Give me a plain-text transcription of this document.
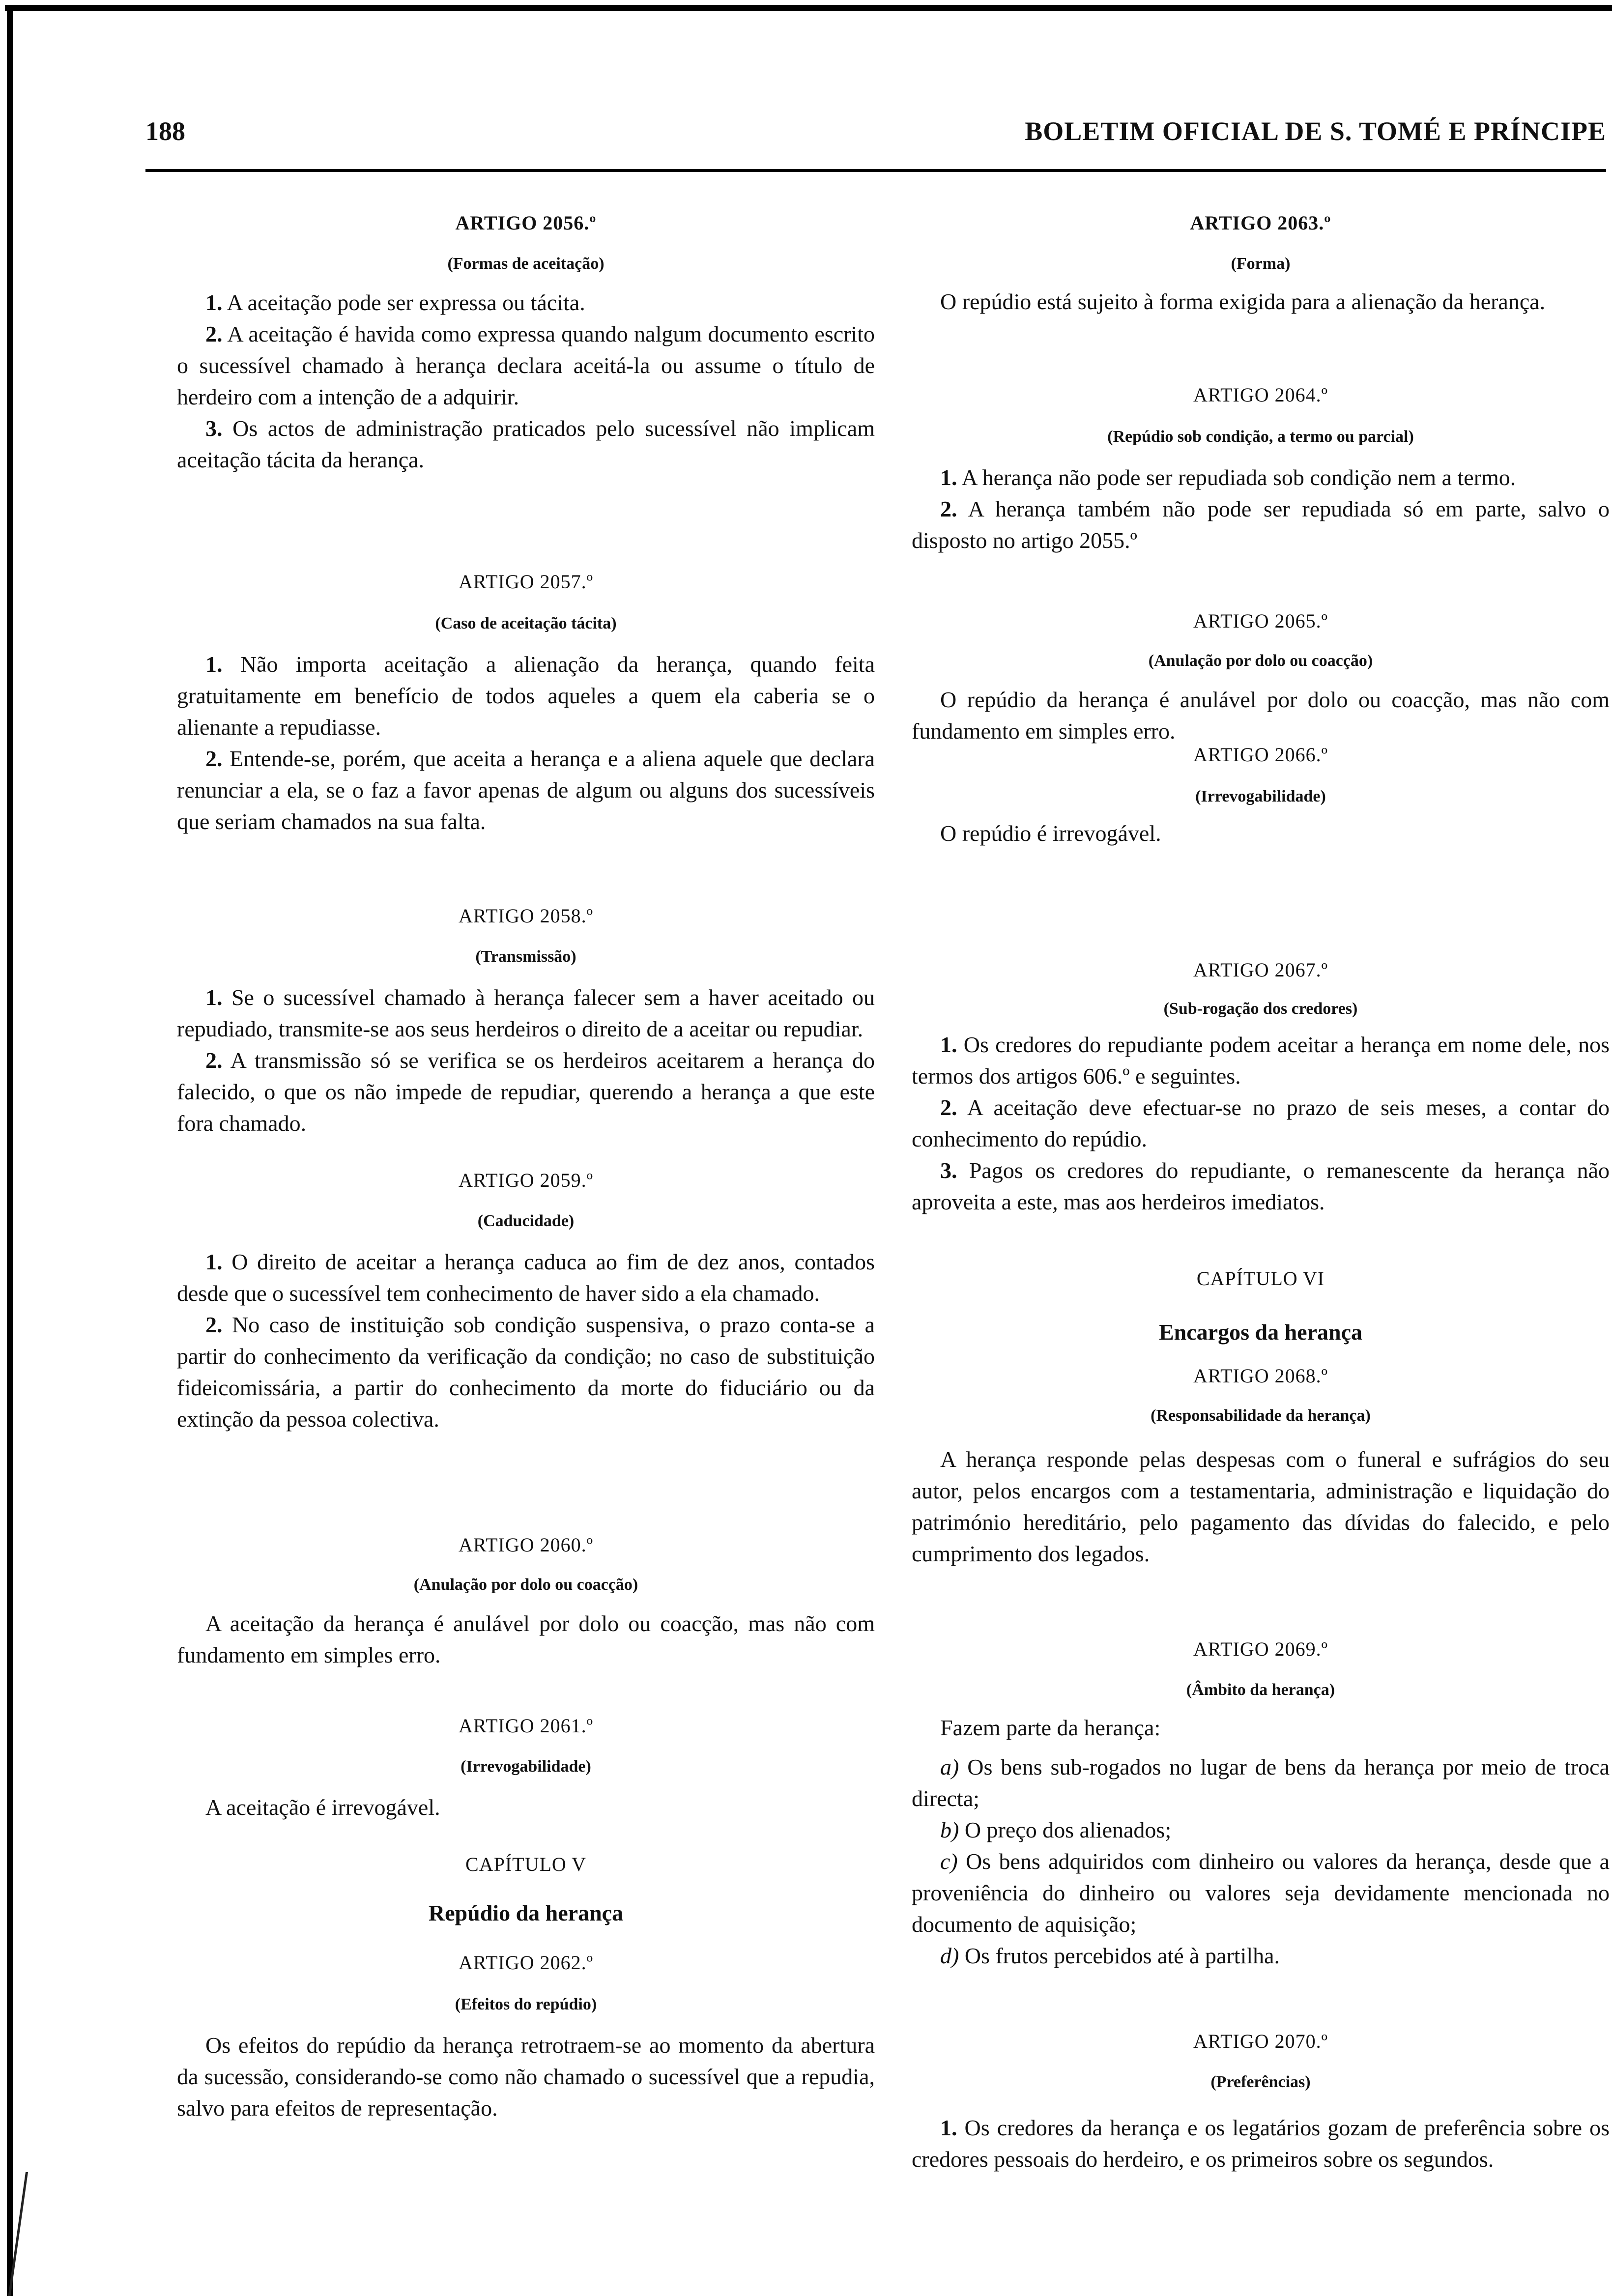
188	BOLETIM OFICIAL DE S. TOMÉ E PRÍNCIPE
ARTIGO 2056.º
(Formas de aceitação)

1. A aceitação pode ser expressa ou tácita.

2. A aceitação é havida como expressa quando nalgum documento escrito o sucessível chamado à herança declara aceitá-la ou assume o título de herdeiro com a intenção de a adquirir.

3. Os actos de administração praticados pelo sucessível não implicam aceitação tácita da herança.

ARTIGO 2057.º
(Caso de aceitação tácita)

1. Não importa aceitação a alienação da herança, quando feita gratuitamente em benefício de todos aqueles a quem ela caberia se o alienante a repudiasse.

2. Entende-se, porém, que aceita a herança e a aliena aquele que declara renunciar a ela, se o faz a favor apenas de algum ou alguns dos sucessíveis que seriam chamados na sua falta.

ARTIGO 2058.º
(Transmissão)

1. Se o sucessível chamado à herança falecer sem a haver aceitado ou repudiado, transmite-se aos seus herdeiros o direito de a aceitar ou repudiar.

2. A transmissão só se verifica se os herdeiros aceitarem a herança do falecido, o que os não impede de repudiar, querendo a herança a que este fora chamado.

ARTIGO 2059.º
(Caducidade)

1. O direito de aceitar a herança caduca ao fim de dez anos, contados desde que o sucessível tem conhecimento de haver sido a ela chamado.

2. No caso de instituição sob condição suspensiva, o prazo conta-se a partir do conhecimento da verificação da condição; no caso de substituição fideicomissária, a partir do conhecimento da morte do fiduciário ou da extinção da pessoa colectiva.

ARTIGO 2060.º
(Anulação por dolo ou coacção)

A aceitação da herança é anulável por dolo ou coacção, mas não com fundamento em simples erro.

ARTIGO 2061.º
(Irrevogabilidade)

A aceitação é irrevogável.

CAPÍTULO V
Repúdio da herança
ARTIGO 2062.º
(Efeitos do repúdio)

Os efeitos do repúdio da herança retrotraem-se ao momento da abertura da sucessão, considerando-se como não chamado o sucessível que a repudia, salvo para efeitos de representação.

ARTIGO 2063.º
(Forma)

O repúdio está sujeito à forma exigida para a alienação da herança.

ARTIGO 2064.º
(Repúdio sob condição, a termo ou parcial)

1. A herança não pode ser repudiada sob condição nem a termo.

2. A herança também não pode ser repudiada só em parte, salvo o disposto no artigo 2055.º

ARTIGO 2065.º
(Anulação por dolo ou coacção)

O repúdio da herança é anulável por dolo ou coacção, mas não com fundamento em simples erro.

ARTIGO 2066.º
(Irrevogabilidade)

O repúdio é irrevogável.

ARTIGO 2067.º
(Sub-rogação dos credores)

1. Os credores do repudiante podem aceitar a herança em nome dele, nos termos dos artigos 606.º e seguintes.

2. A aceitação deve efectuar-se no prazo de seis meses, a contar do conhecimento do repúdio.

3. Pagos os credores do repudiante, o remanescente da herança não aproveita a este, mas aos herdeiros imediatos.

CAPÍTULO VI
Encargos da herança
ARTIGO 2068.º
(Responsabilidade da herança)

A herança responde pelas despesas com o funeral e sufrágios do seu autor, pelos encargos com a testamentaria, administração e liquidação do património hereditário, pelo pagamento das dívidas do falecido, e pelo cumprimento dos legados.

ARTIGO 2069.º
(Âmbito da herança)

Fazem parte da herança:

a) Os bens sub-rogados no lugar de bens da herança por meio de troca directa;

b) O preço dos alienados;

c) Os bens adquiridos com dinheiro ou valores da herança, desde que a proveniência do dinheiro ou valores seja devidamente mencionada no documento de aquisição;

d) Os frutos percebidos até à partilha.

ARTIGO 2070.º
(Preferências)

1. Os credores da herança e os legatários gozam de preferência sobre os credores pessoais do herdeiro, e os primeiros sobre os segundos.
